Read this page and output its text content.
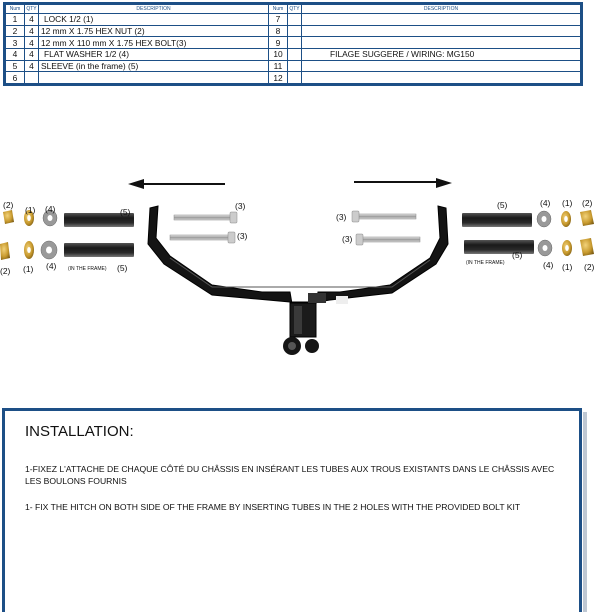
Num	QTY	DESCRIPTION	Num	QTY	DESCRIPTION
1	4	LOCK 1/2 (1)	7		
2	4	12 mm X 1.75 HEX NUT (2)	8		
3	4	12 mm X 110 mm X 1.75 HEX BOLT(3)	9		
4	4	FLAT WASHER 1/2 (4)	10		FILAGE SUGGERE / WIRING: MG150
5	4	SLEEVE (in the frame) (5)	11		
6			12		
(3)
(3)
(3)
(3)
(2) (1) (4)	(5)
(2) (1) (4) (IN THE FRAME) (5)
(5)	(4) (1) (2)
(5)
(IN THE FRAME)	(4) (1) (2)
INSTALLATION:
1-FIXEZ L'ATTACHE DE CHAQUE CÔTÉ DU CHÂSSIS EN INSÉRANT LES TUBES AUX TROUS EXISTANTS DANS LE CHÂSSIS AVEC LES BOULONS FOURNIS
1- FIX THE HITCH ON BOTH SIDE OF THE FRAME BY INSERTING TUBES IN THE 2 HOLES WITH THE PROVIDED BOLT KIT
